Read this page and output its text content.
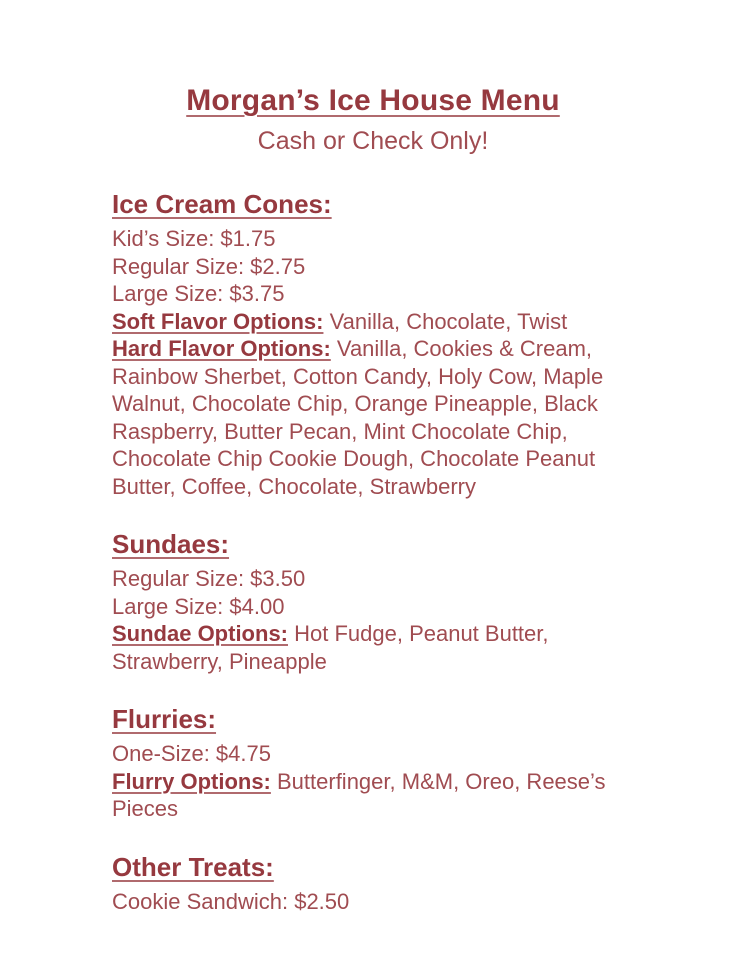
Morgan’s Ice House Menu
Cash or Check Only!
Ice Cream Cones:

Kid’s Size: $1.75

Regular Size: $2.75

Large Size: $3.75

Soft Flavor Options: Vanilla, Chocolate, Twist

Hard Flavor Options: Vanilla, Cookies & Cream, Rainbow Sherbet, Cotton Candy, Holy Cow, Maple Walnut, Chocolate Chip, Orange Pineapple, Black Raspberry, Butter Pecan, Mint Chocolate Chip, Chocolate Chip Cookie Dough, Chocolate Peanut Butter, Coffee, Chocolate, Strawberry

Sundaes:

Regular Size: $3.50

Large Size: $4.00

Sundae Options: Hot Fudge, Peanut Butter, Strawberry, Pineapple

Flurries:

One-Size: $4.75

Flurry Options: Butterfinger, M&M, Oreo, Reese’s Pieces

Other Treats:

Cookie Sandwich: $2.50
